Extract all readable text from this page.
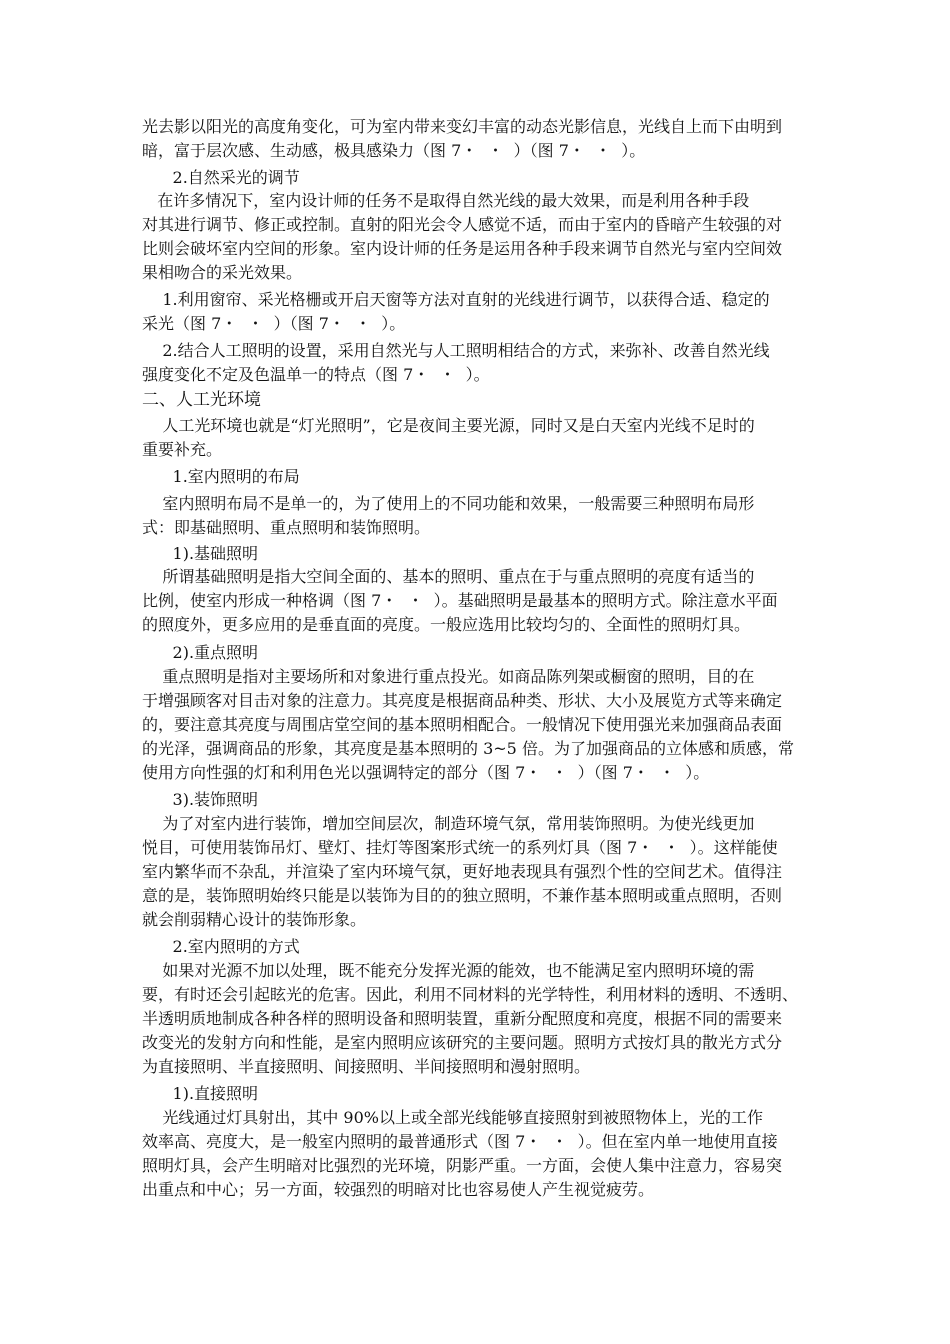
光去影以阳光的高度角变化，可为室内带来变幻丰富的动态光影信息，光线自上而下由明到
暗，富于层次感、生动感，极具感染力（图 7・  ・  ）（图 7・  ・  ）。
2.自然采光的调节
在许多情况下，室内设计师的任务不是取得自然光线的最大效果，而是利用各种手段
对其进行调节、修正或控制。直射的阳光会令人感觉不适，而由于室内的昏暗产生较强的对
比则会破坏室内空间的形象。室内设计师的任务是运用各种手段来调节自然光与室内空间效
果相吻合的采光效果。
1.利用窗帘、采光格栅或开启天窗等方法对直射的光线进行调节，以获得合适、稳定的
采光（图 7・  ・  ）（图 7・  ・  ）。
2.结合人工照明的设置，采用自然光与人工照明相结合的方式，来弥补、改善自然光线
强度变化不定及色温单一的特点（图 7・  ・  ）。
二、人工光环境
人工光环境也就是“灯光照明”，它是夜间主要光源，同时又是白天室内光线不足时的
重要补充。
1.室内照明的布局
室内照明布局不是单一的，为了使用上的不同功能和效果，一般需要三种照明布局形
式：即基础照明、重点照明和装饰照明。
1).基础照明
所谓基础照明是指大空间全面的、基本的照明、重点在于与重点照明的亮度有适当的
比例，使室内形成一种格调（图 7・  ・  ）。基础照明是最基本的照明方式。除注意水平面
的照度外，更多应用的是垂直面的亮度。一般应选用比较均匀的、全面性的照明灯具。
2).重点照明
重点照明是指对主要场所和对象进行重点投光。如商品陈列架或橱窗的照明，目的在
于增强顾客对目击对象的注意力。其亮度是根据商品种类、形状、大小及展览方式等来确定
的，要注意其亮度与周围店堂空间的基本照明相配合。一般情况下使用强光来加强商品表面
的光泽，强调商品的形象，其亮度是基本照明的 3~5 倍。为了加强商品的立体感和质感，常
使用方向性强的灯和利用色光以强调特定的部分（图 7・  ・  ）（图 7・  ・  ）。
3).装饰照明
为了对室内进行装饰，增加空间层次，制造环境气氛，常用装饰照明。为使光线更加
悦目，可使用装饰吊灯、壁灯、挂灯等图案形式统一的系列灯具（图 7・  ・  ）。这样能使
室内繁华而不杂乱，并渲染了室内环境气氛，更好地表现具有强烈个性的空间艺术。值得注
意的是，装饰照明始终只能是以装饰为目的的独立照明，不兼作基本照明或重点照明，否则
就会削弱精心设计的装饰形象。
2.室内照明的方式
如果对光源不加以处理，既不能充分发挥光源的能效，也不能满足室内照明环境的需
要，有时还会引起眩光的危害。因此，利用不同材料的光学特性，利用材料的透明、不透明、
半透明质地制成各种各样的照明设备和照明装置，重新分配照度和亮度，根据不同的需要来
改变光的发射方向和性能，是室内照明应该研究的主要问题。照明方式按灯具的散光方式分
为直接照明、半直接照明、间接照明、半间接照明和漫射照明。
1).直接照明
光线通过灯具射出，其中 90%以上或全部光线能够直接照射到被照物体上，光的工作
效率高、亮度大，是一般室内照明的最普通形式（图 7・  ・  ）。但在室内单一地使用直接
照明灯具，会产生明暗对比强烈的光环境，阴影严重。一方面，会使人集中注意力，容易突
出重点和中心；另一方面，较强烈的明暗对比也容易使人产生视觉疲劳。
